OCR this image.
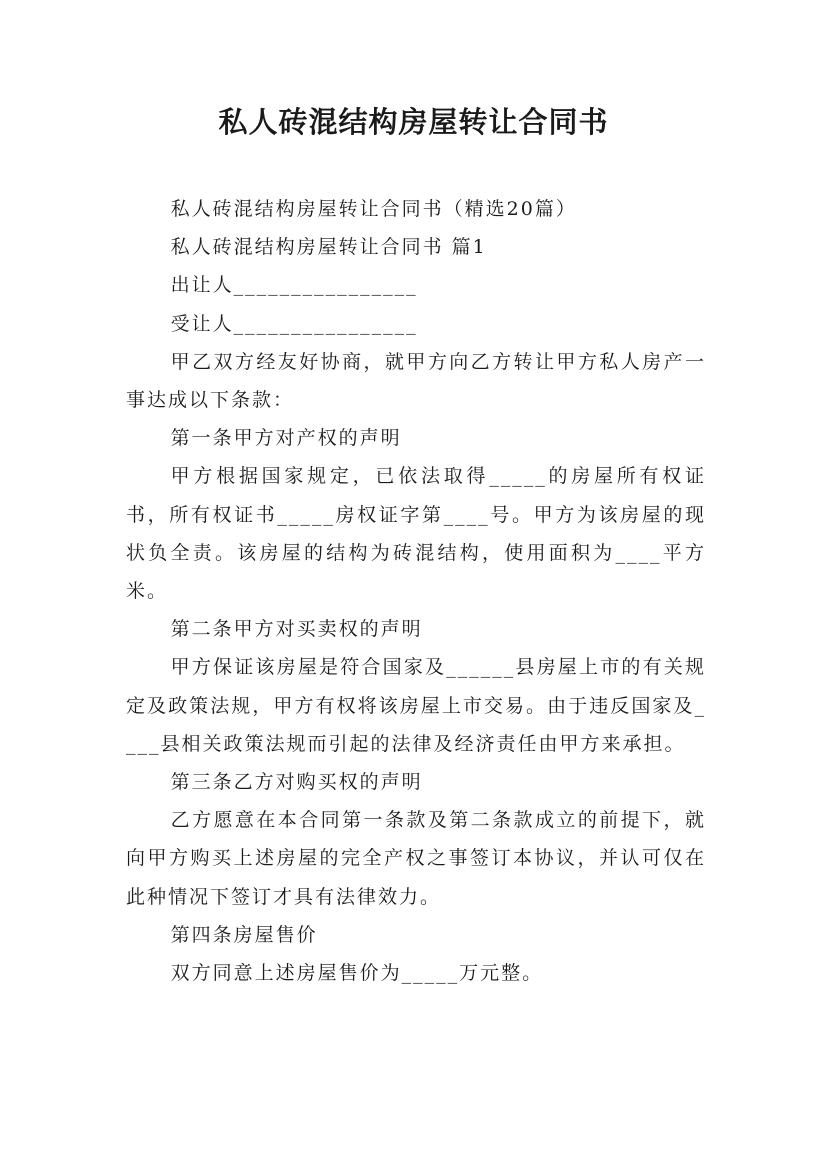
私人砖混结构房屋转让合同书

私人砖混结构房屋转让合同书（精选20篇）

私人砖混结构房屋转让合同书 篇1

出让人________________

受让人________________

甲乙双方经友好协商，就甲方向乙方转让甲方私人房产一事达成以下条款：

第一条甲方对产权的声明

甲方根据国家规定，已依法取得_____的房屋所有权证书，所有权证书_____房权证字第____号。甲方为该房屋的现状负全责。该房屋的结构为砖混结构，使用面积为____平方米。

第二条甲方对买卖权的声明

甲方保证该房屋是符合国家及______县房屋上市的有关规定及政策法规，甲方有权将该房屋上市交易。由于违反国家及____县相关政策法规而引起的法律及经济责任由甲方来承担。

第三条乙方对购买权的声明

乙方愿意在本合同第一条款及第二条款成立的前提下，就向甲方购买上述房屋的完全产权之事签订本协议，并认可仅在此种情况下签订才具有法律效力。

第四条房屋售价

双方同意上述房屋售价为_____万元整。
